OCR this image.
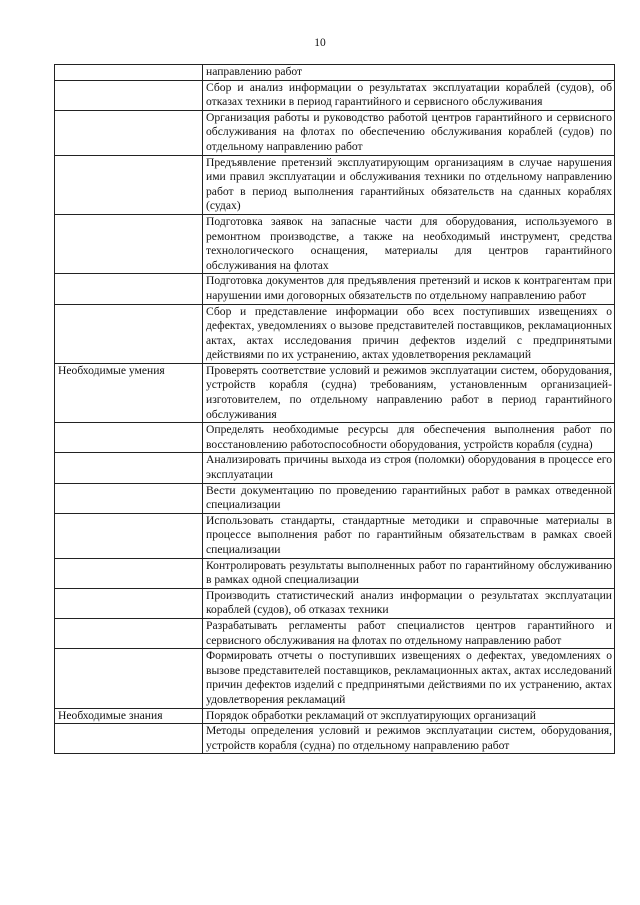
10
	направлению работ
	Сбор и анализ информации о результатах эксплуатации кораблей (судов), об отказах техники в период гарантийного и сервисного обслуживания
	Организация работы и руководство работой центров гарантийного и сервисного обслуживания на флотах по обеспечению обслуживания кораблей (судов) по отдельному направлению работ
	Предъявление претензий эксплуатирующим организациям в случае нарушения ими правил эксплуатации и обслуживания техники по отдельному направлению работ в период выполнения гарантийных обязательств на сданных кораблях (судах)
	Подготовка заявок на запасные части для оборудования, используемого в ремонтном производстве, а также на необходимый инструмент, средства технологического оснащения, материалы для центров гарантийного обслуживания на флотах
	Подготовка документов для предъявления претензий и исков к контрагентам при нарушении ими договорных обязательств по отдельному направлению работ
	Сбор и представление информации обо всех поступивших извещениях о дефектах, уведомлениях о вызове представителей поставщиков, рекламационных актах, актах исследования причин дефектов изделий с предпринятыми действиями по их устранению, актах удовлетворения рекламаций
Необходимые умения	Проверять соответствие условий и режимов эксплуатации систем, оборудования, устройств корабля (судна) требованиям, установленным организацией-изготовителем, по отдельному направлению работ в период гарантийного обслуживания
	Определять необходимые ресурсы для обеспечения выполнения работ по восстановлению работоспособности оборудования, устройств корабля (судна)
	Анализировать причины выхода из строя (поломки) оборудования в процессе его эксплуатации
	Вести документацию по проведению гарантийных работ в рамках отведенной специализации
	Использовать стандарты, стандартные методики и справочные материалы в процессе выполнения работ по гарантийным обязательствам в рамках своей специализации
	Контролировать результаты выполненных работ по гарантийному обслуживанию в рамках одной специализации
	Производить статистический анализ информации о результатах эксплуатации кораблей (судов), об отказах техники
	Разрабатывать регламенты работ специалистов центров гарантийного и сервисного обслуживания на флотах по отдельному направлению работ
	Формировать отчеты о поступивших извещениях о дефектах, уведомлениях о вызове представителей поставщиков, рекламационных актах, актах исследований причин дефектов изделий с предпринятыми действиями по их устранению, актах удовлетворения рекламаций
Необходимые знания	Порядок обработки рекламаций от эксплуатирующих организаций
	Методы определения условий и режимов эксплуатации систем, оборудования, устройств корабля (судна) по отдельному направлению работ
